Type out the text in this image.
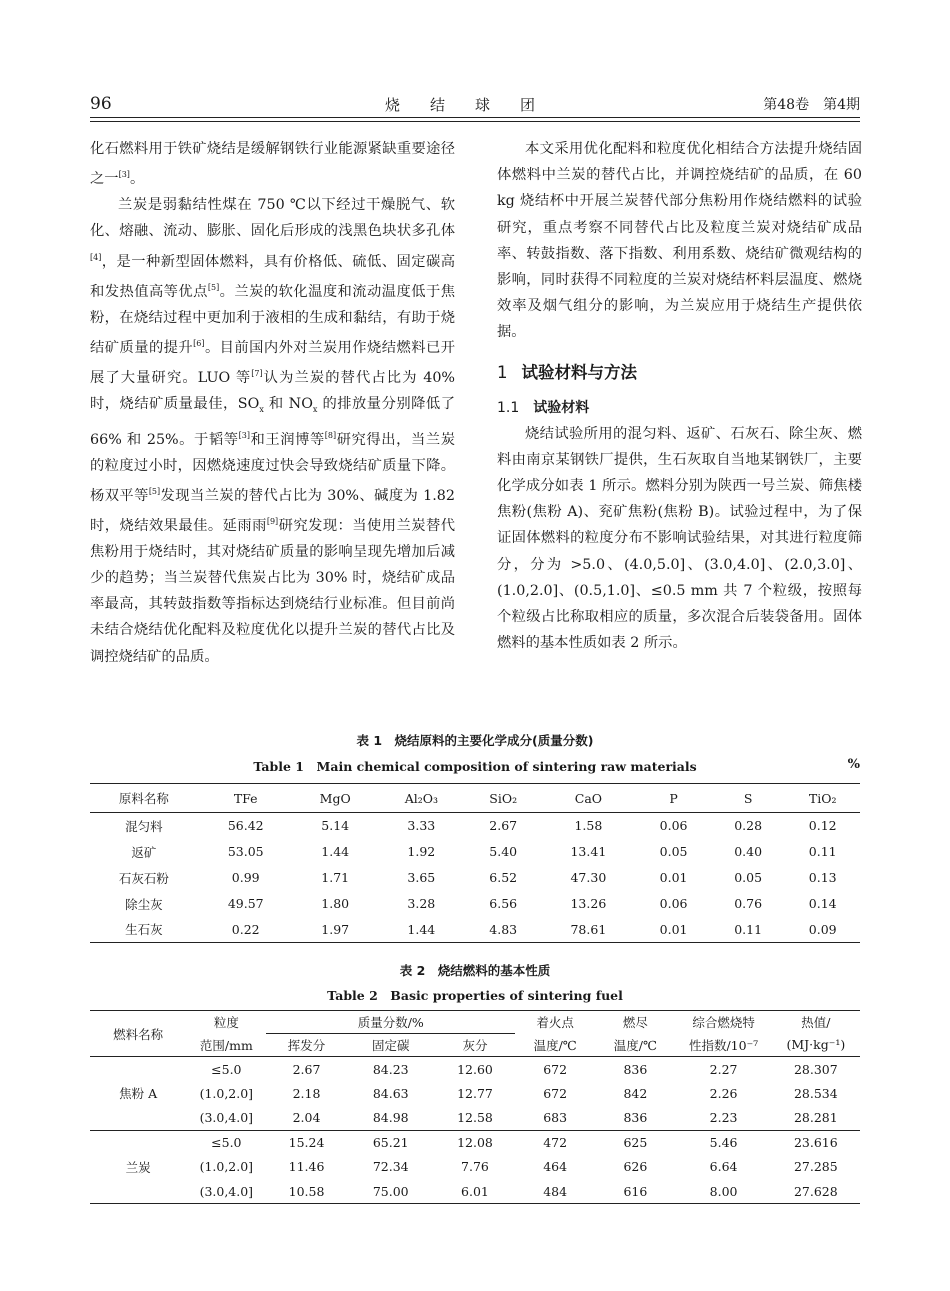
96	烧结球团	第48卷　第4期

化石燃料用于铁矿烧结是缓解钢铁行业能源紧缺重要途径之一[3]。

兰炭是弱黏结性煤在 750 ℃以下经过干燥脱气、软化、熔融、流动、膨胀、固化后形成的浅黑色块状多孔体[4]，是一种新型固体燃料，具有价格低、硫低、固定碳高和发热值高等优点[5]。兰炭的软化温度和流动温度低于焦粉，在烧结过程中更加利于液相的生成和黏结，有助于烧结矿质量的提升[6]。目前国内外对兰炭用作烧结燃料已开展了大量研究。LUO 等[7]认为兰炭的替代占比为 40% 时，烧结矿质量最佳，$SO_x$ 和 $NO_x$ 的排放量分别降低了 66% 和 25%。于韬等[3]和王润博等[8]研究得出，当兰炭的粒度过小时，因燃烧速度过快会导致烧结矿质量下降。杨双平等[5]发现当兰炭的替代占比为 30%、碱度为 1.82 时，烧结效果最佳。延雨雨[9]研究发现：当使用兰炭替代焦粉用于烧结时，其对烧结矿质量的影响呈现先增加后减少的趋势；当兰炭替代焦炭占比为 30% 时，烧结矿成品率最高，其转鼓指数等指标达到烧结行业标准。但目前尚未结合烧结优化配料及粒度优化以提升兰炭的替代占比及调控烧结矿的品质。

本文采用优化配料和粒度优化相结合方法提升烧结固体燃料中兰炭的替代占比，并调控烧结矿的品质，在 60 kg 烧结杯中开展兰炭替代部分焦粉用作烧结燃料的试验研究，重点考察不同替代占比及粒度兰炭对烧结矿成品率、转鼓指数、落下指数、利用系数、烧结矿微观结构的影响，同时获得不同粒度的兰炭对烧结杯料层温度、燃烧效率及烟气组分的影响，为兰炭应用于烧结生产提供依据。

1 试验材料与方法
1.1 试验材料

烧结试验所用的混匀料、返矿、石灰石、除尘灰、燃料由南京某钢铁厂提供，生石灰取自当地某钢铁厂，主要化学成分如表 1 所示。燃料分别为陕西一号兰炭、筛焦楼焦粉(焦粉 A)、兖矿焦粉(焦粉 B)。试验过程中，为了保证固体燃料的粒度分布不影响试验结果，对其进行粒度筛分，分为 >5.0、(4.0,5.0]、(3.0,4.0]、(2.0,3.0]、(1.0,2.0]、(0.5,1.0]、≤0.5 mm 共 7 个粒级，按照每个粒级占比称取相应的质量，多次混合后装袋备用。固体燃料的基本性质如表 2 所示。

表 1　烧结原料的主要化学成分(质量分数)
Table 1　Main chemical composition of sintering raw materials	%
原料名称	TFe	MgO	Al₂O₃	SiO₂	CaO	P	S	TiO₂
混匀料	56.42	5.14	3.33	2.67	1.58	0.06	0.28	0.12
返矿	53.05	1.44	1.92	5.40	13.41	0.05	0.40	0.11
石灰石粉	0.99	1.71	3.65	6.52	47.30	0.01	0.05	0.13
除尘灰	49.57	1.80	3.28	6.56	13.26	0.06	0.76	0.14
生石灰	0.22	1.97	1.44	4.83	78.61	0.01	0.11	0.09
表 2　烧结燃料的基本性质
Table 2　Basic properties of sintering fuel
燃料名称	粒度	质量分数/%			着火点	燃尽	综合燃烧特	热值/
	范围/mm	挥发分	固定碳	灰分	温度/℃	温度/℃	性指数/10⁻⁷	(MJ·kg⁻¹)
焦粉 A	≤5.0	2.67	84.23	12.60	672	836	2.27	28.307
	(1.0,2.0]	2.18	84.63	12.77	672	842	2.26	28.534
	(3.0,4.0]	2.04	84.98	12.58	683	836	2.23	28.281
兰炭	≤5.0	15.24	65.21	12.08	472	625	5.46	23.616
	(1.0,2.0]	11.46	72.34	7.76	464	626	6.64	27.285
	(3.0,4.0]	10.58	75.00	6.01	484	616	8.00	27.628
